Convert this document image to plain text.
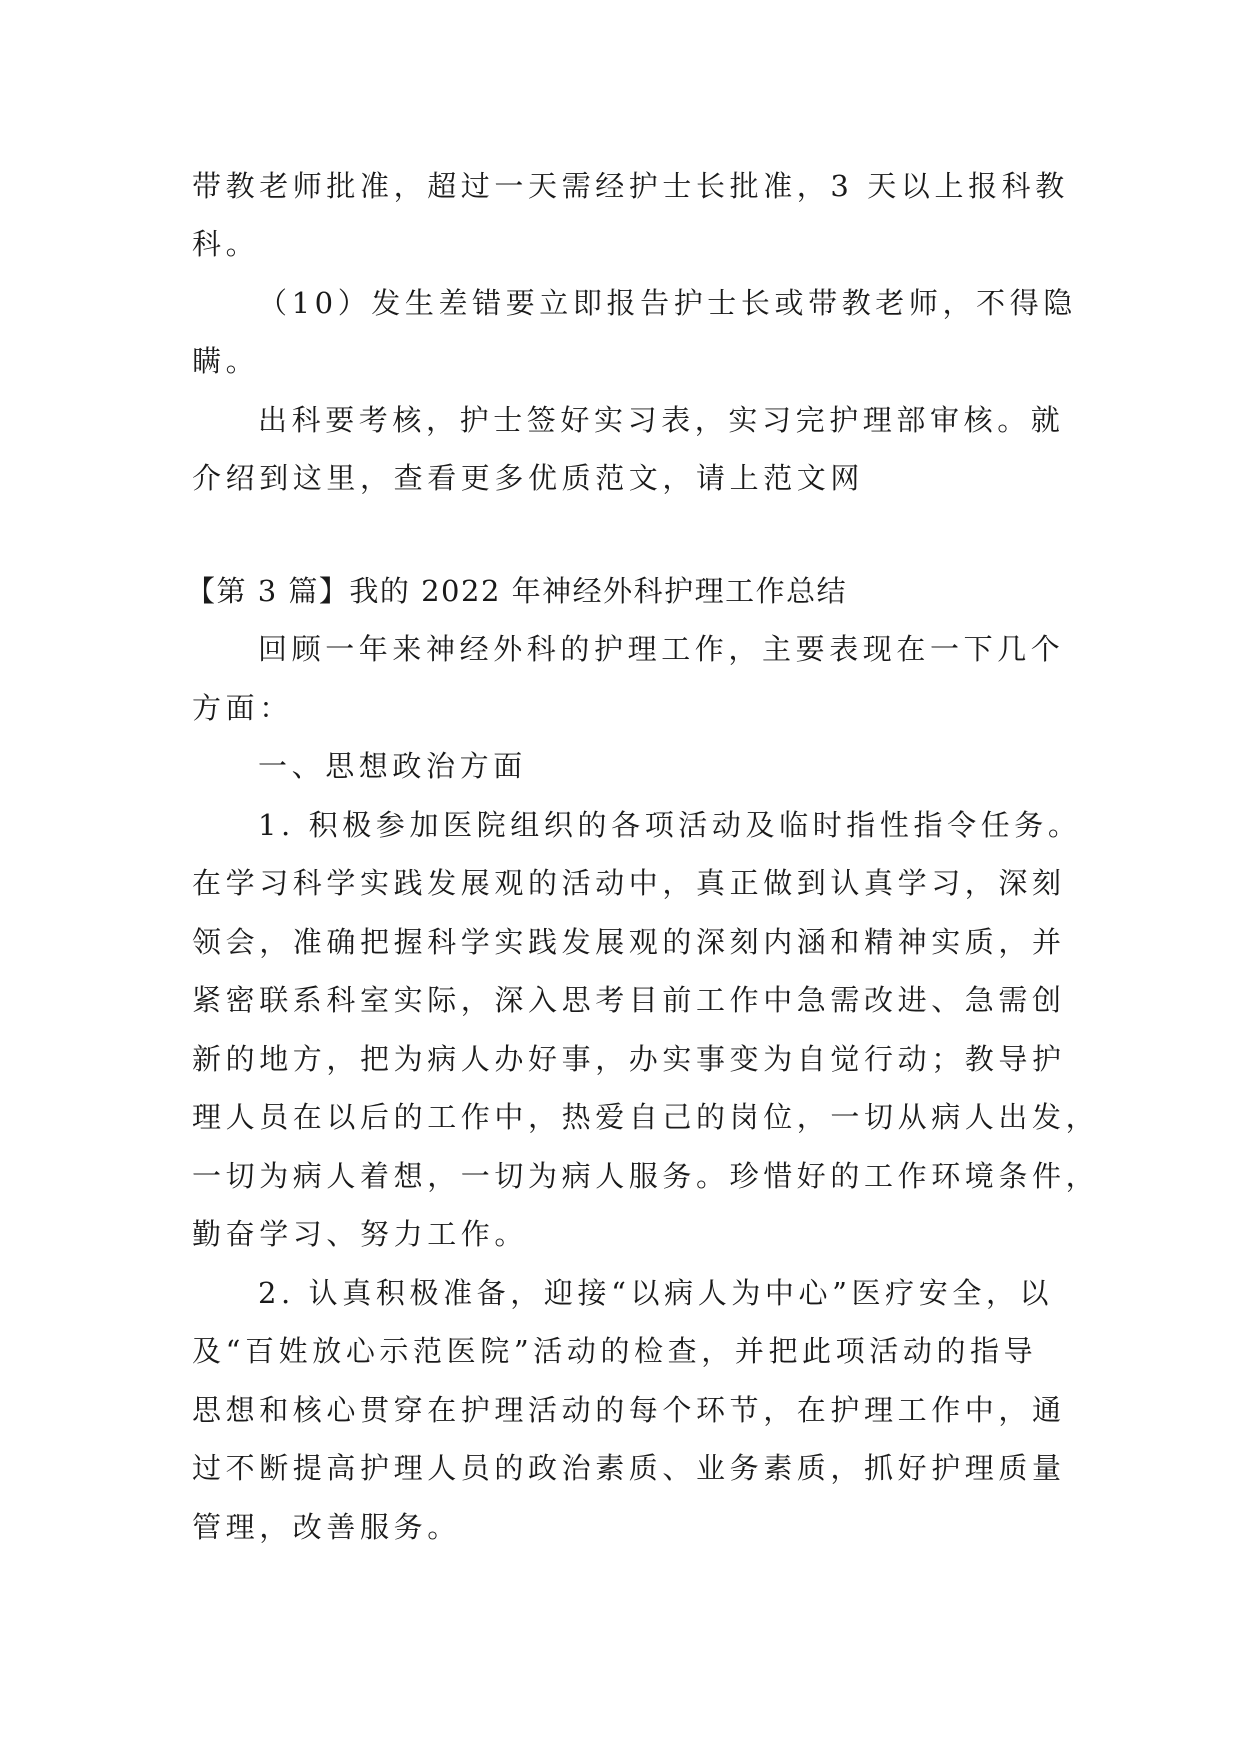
带教老师批准，超过一天需经护士长批准，3 天以上报科教
科。
（10）发生差错要立即报告护士长或带教老师，不得隐
瞒。
出科要考核，护士签好实习表，实习完护理部审核。就
介绍到这里，查看更多优质范文，请上范文网
【第 3 篇】我的 2022 年神经外科护理工作总结
回顾一年来神经外科的护理工作，主要表现在一下几个
方面：
一、思想政治方面
1. 积极参加医院组织的各项活动及临时指性指令任务。
在学习科学实践发展观的活动中，真正做到认真学习，深刻
领会，准确把握科学实践发展观的深刻内涵和精神实质，并
紧密联系科室实际，深入思考目前工作中急需改进、急需创
新的地方，把为病人办好事，办实事变为自觉行动；教导护
理人员在以后的工作中，热爱自己的岗位，一切从病人出发，
一切为病人着想，一切为病人服务。珍惜好的工作环境条件，
勤奋学习、努力工作。
2. 认真积极准备，迎接“以病人为中心”医疗安全，以
及“百姓放心示范医院”活动的检查，并把此项活动的指导
思想和核心贯穿在护理活动的每个环节，在护理工作中，通
过不断提高护理人员的政治素质、业务素质，抓好护理质量
管理，改善服务。
